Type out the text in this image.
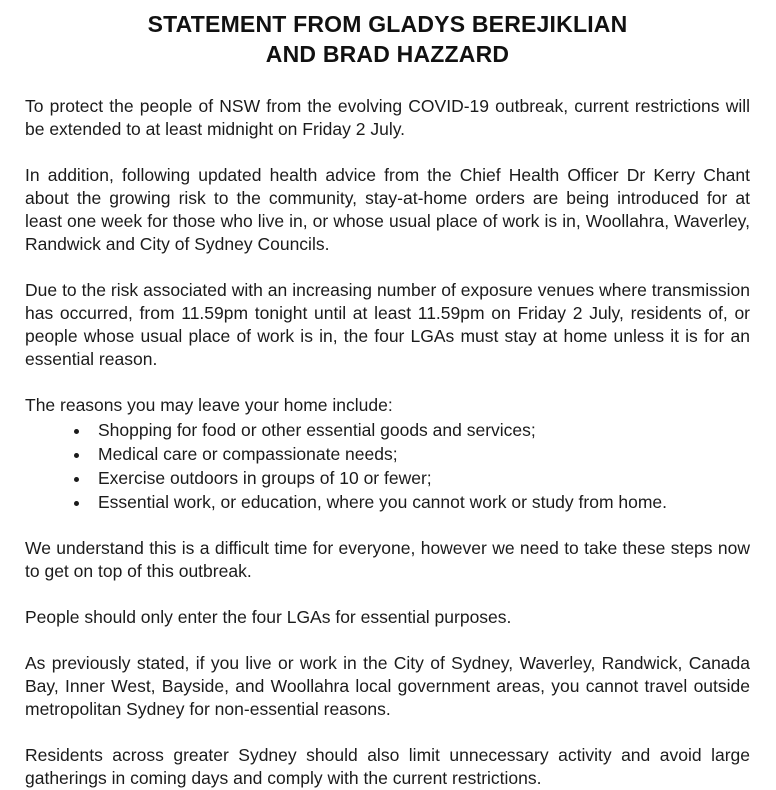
STATEMENT FROM GLADYS BEREJIKLIAN
AND BRAD HAZZARD

To protect the people of NSW from the evolving COVID-19 outbreak, current restrictions will be extended to at least midnight on Friday 2 July.

In addition, following updated health advice from the Chief Health Officer Dr Kerry Chant about the growing risk to the community, stay-at-home orders are being introduced for at least one week for those who live in, or whose usual place of work is in, Woollahra, Waverley, Randwick and City of Sydney Councils.

Due to the risk associated with an increasing number of exposure venues where transmission has occurred, from 11.59pm tonight until at least 11.59pm on Friday 2 July, residents of, or people whose usual place of work is in, the four LGAs must stay at home unless it is for an essential reason.

The reasons you may leave your home include:

• Shopping for food or other essential goods and services;
• Medical care or compassionate needs;
• Exercise outdoors in groups of 10 or fewer;
• Essential work, or education, where you cannot work or study from home.

We understand this is a difficult time for everyone, however we need to take these steps now to get on top of this outbreak.

People should only enter the four LGAs for essential purposes.

As previously stated, if you live or work in the City of Sydney, Waverley, Randwick, Canada Bay, Inner West, Bayside, and Woollahra local government areas, you cannot travel outside metropolitan Sydney for non-essential reasons.

Residents across greater Sydney should also limit unnecessary activity and avoid large gatherings in coming days and comply with the current restrictions.
